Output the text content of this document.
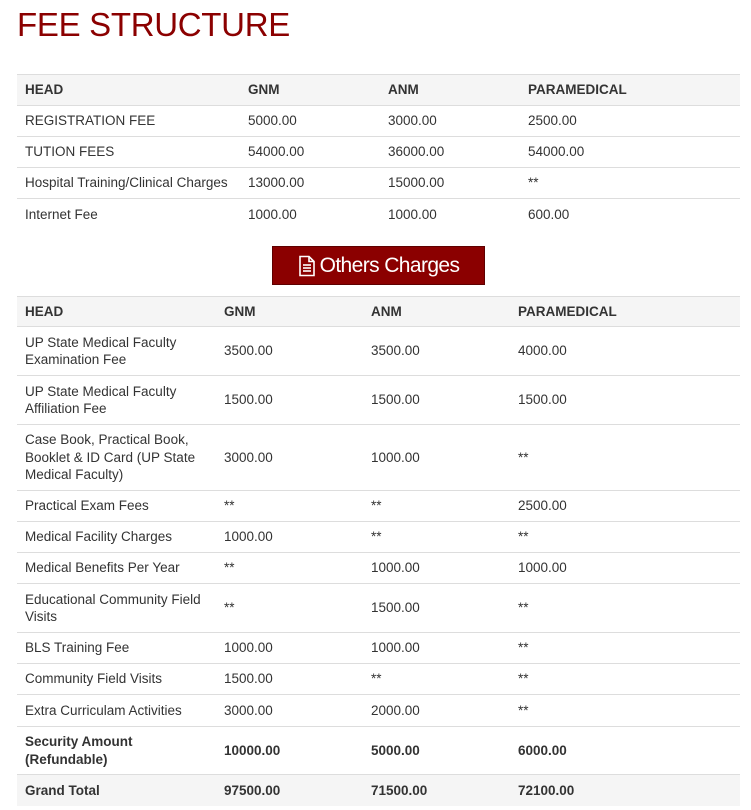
FEE STRUCTURE
HEAD	GNM	ANM	PARAMEDICAL
REGISTRATION FEE	5000.00	3000.00	2500.00
TUTION FEES	54000.00	36000.00	54000.00
Hospital Training/Clinical Charges	13000.00	15000.00	**
Internet Fee	1000.00	1000.00	600.00
Others Charges
HEAD	GNM	ANM	PARAMEDICAL
UP State Medical Faculty Examination Fee	3500.00	3500.00	4000.00
UP State Medical Faculty Affiliation Fee	1500.00	1500.00	1500.00
Case Book, Practical Book, Booklet & ID Card (UP State Medical Faculty)	3000.00	1000.00	**
Practical Exam Fees	**	**	2500.00
Medical Facility Charges	1000.00	**	**
Medical Benefits Per Year	**	1000.00	1000.00
Educational Community Field Visits	**	1500.00	**
BLS Training Fee	1000.00	1000.00	**
Community Field Visits	1500.00	**	**
Extra Curriculam Activities	3000.00	2000.00	**
Security Amount (Refundable)	10000.00	5000.00	6000.00
Grand Total	97500.00	71500.00	72100.00
